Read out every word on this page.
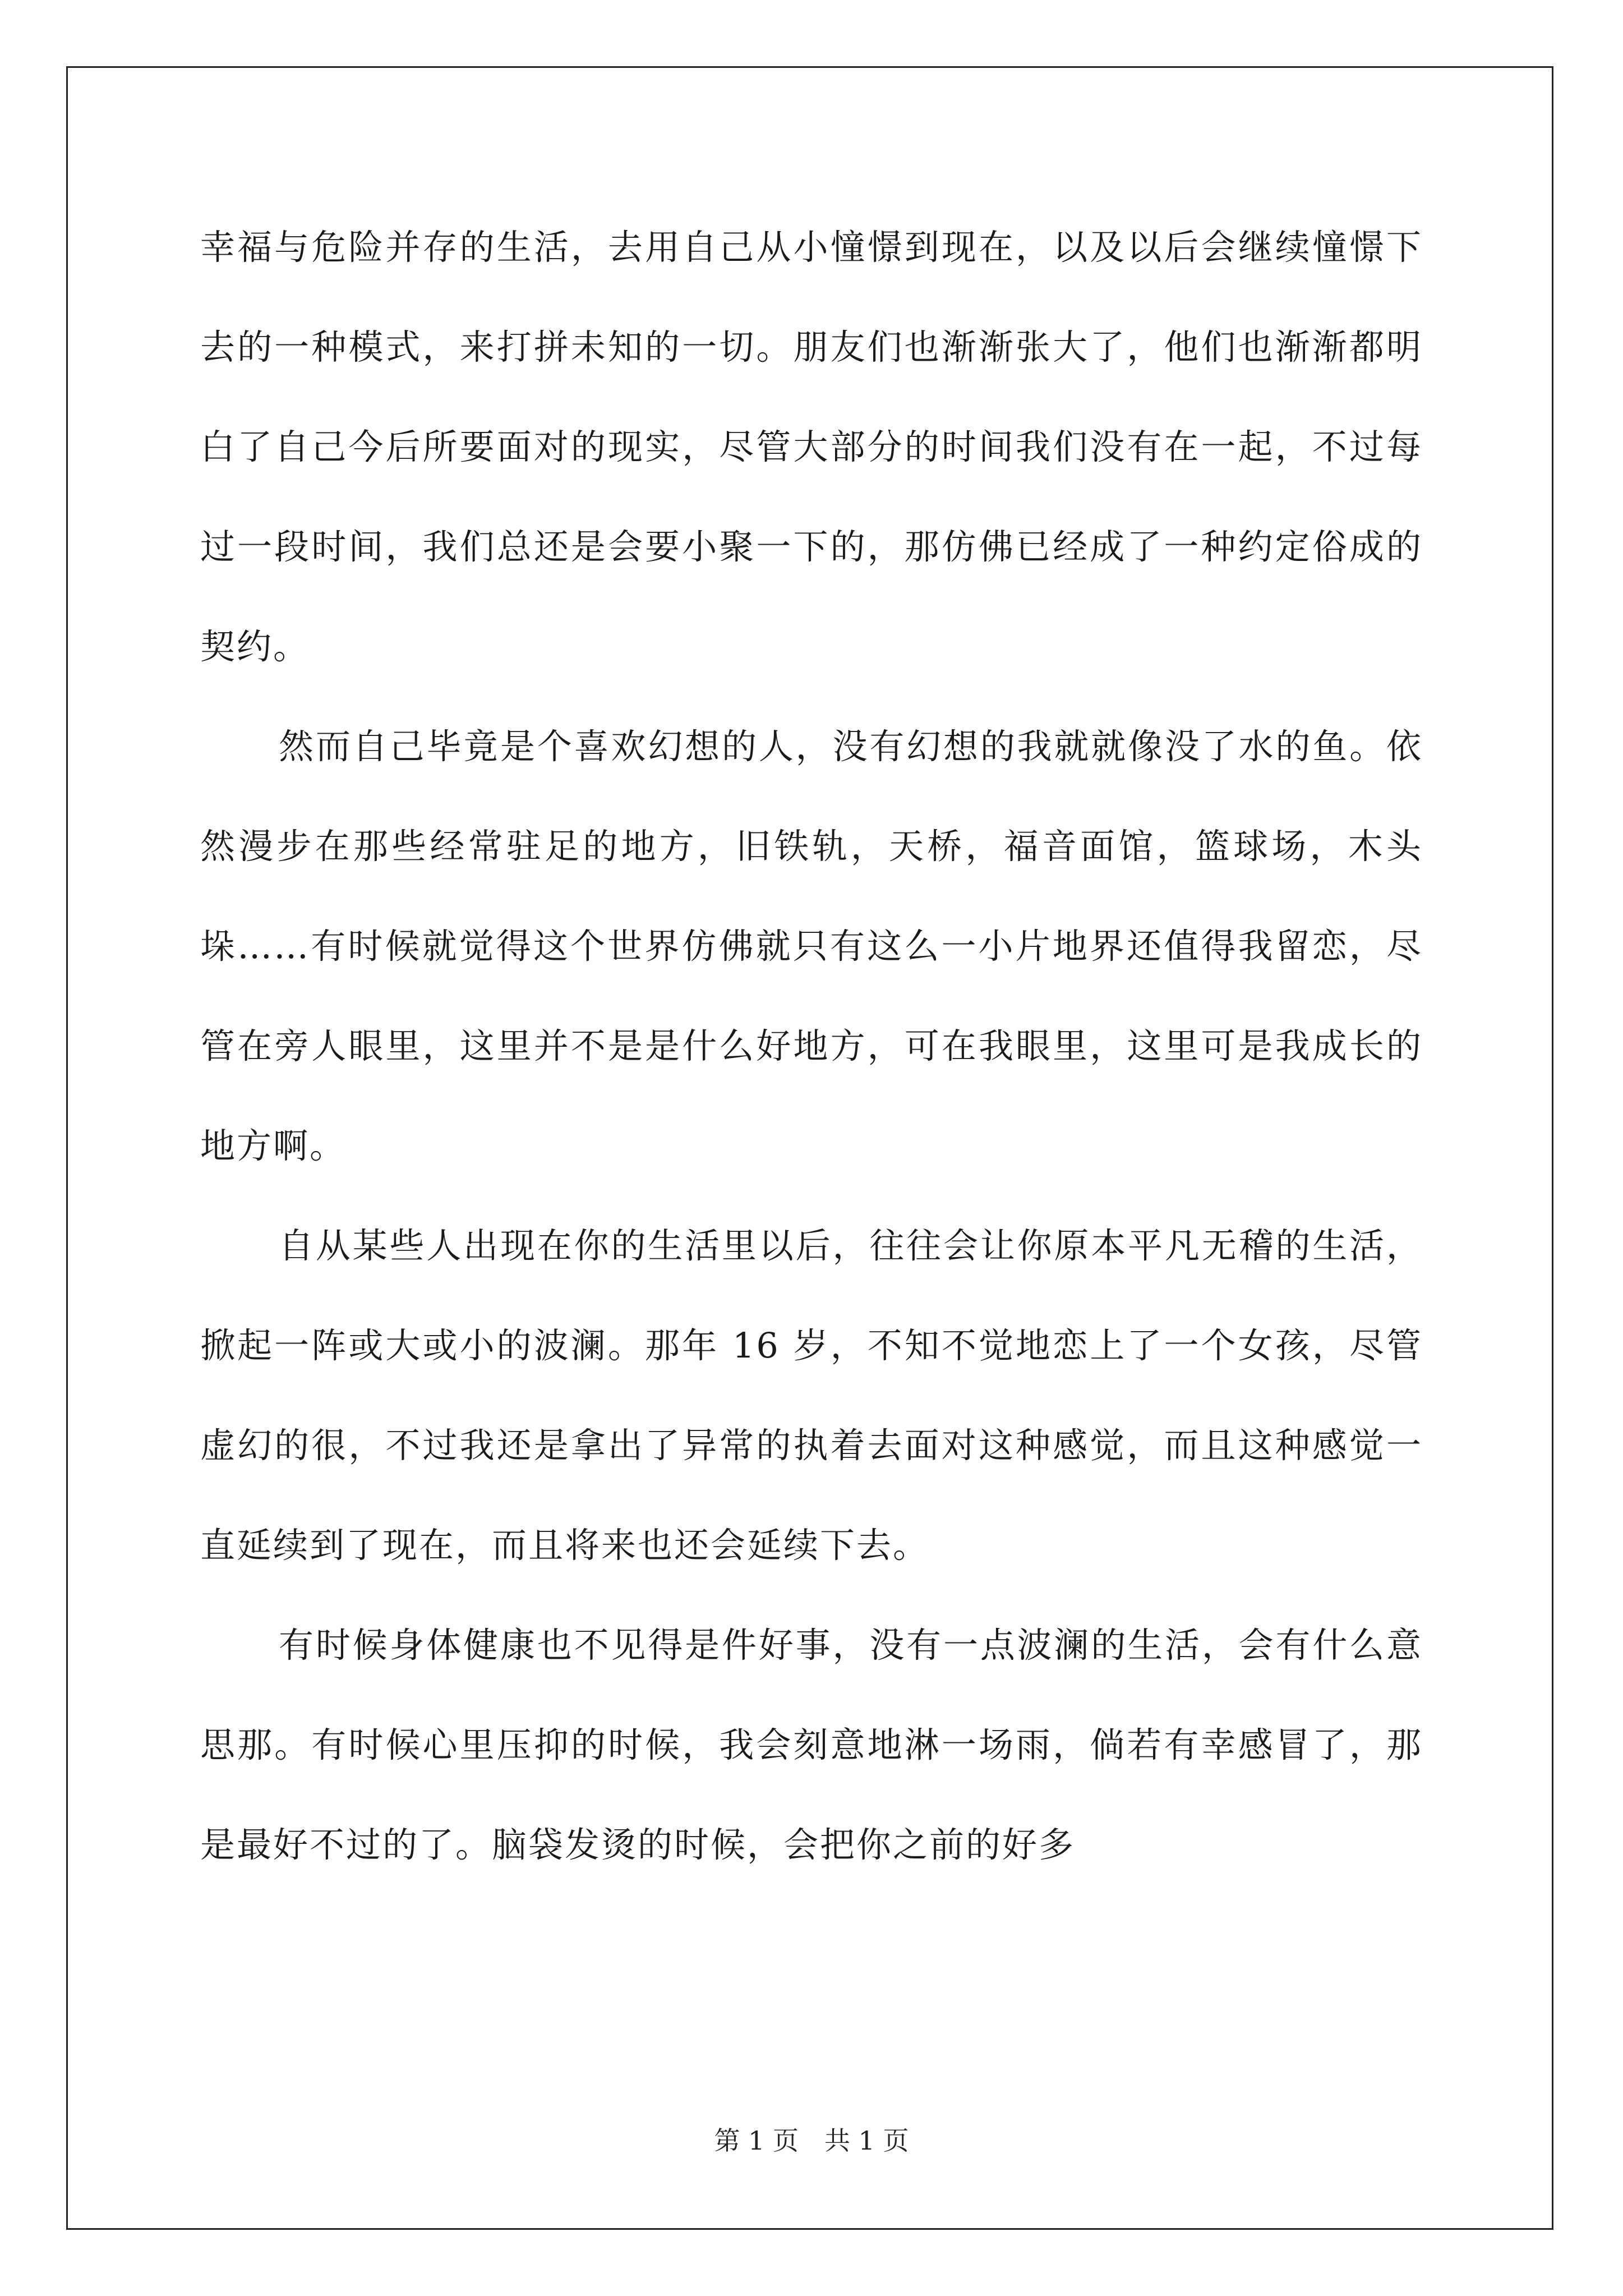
幸福与危险并存的生活，去用自己从小憧憬到现在，以及以后会继续憧憬下去的一种模式，来打拼未知的一切。朋友们也渐渐张大了，他们也渐渐都明白了自己今后所要面对的现实，尽管大部分的时间我们没有在一起，不过每过一段时间，我们总还是会要小聚一下的，那仿佛已经成了一种约定俗成的契约。

然而自己毕竟是个喜欢幻想的人，没有幻想的我就就像没了水的鱼。依然漫步在那些经常驻足的地方，旧铁轨，天桥，福音面馆，篮球场，木头垛……有时候就觉得这个世界仿佛就只有这么一小片地界还值得我留恋，尽管在旁人眼里，这里并不是是什么好地方，可在我眼里，这里可是我成长的地方啊。

自从某些人出现在你的生活里以后，往往会让你原本平凡无稽的生活，掀起一阵或大或小的波澜。那年 16 岁，不知不觉地恋上了一个女孩，尽管虚幻的很，不过我还是拿出了异常的执着去面对这种感觉，而且这种感觉一直延续到了现在，而且将来也还会延续下去。

有时候身体健康也不见得是件好事，没有一点波澜的生活，会有什么意思那。有时候心里压抑的时候，我会刻意地淋一场雨，倘若有幸感冒了，那是最好不过的了。脑袋发烫的时候，会把你之前的好多

第 1 页　共 1 页
